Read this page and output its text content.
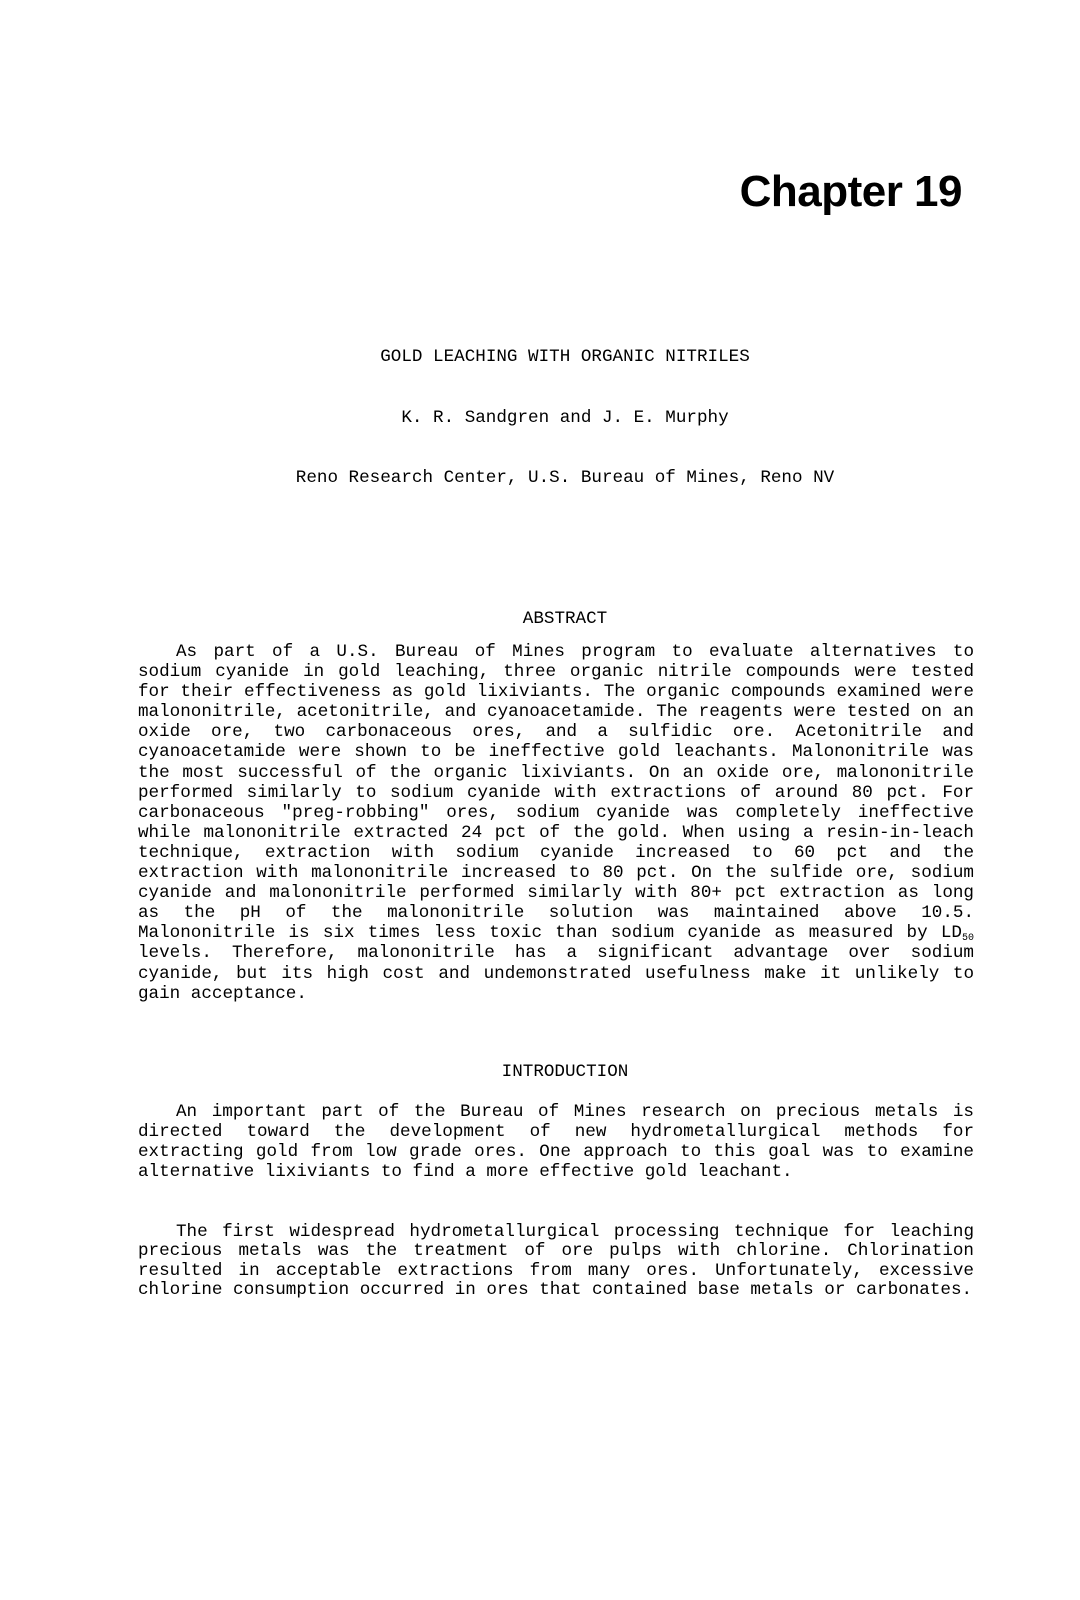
Chapter 19
GOLD LEACHING WITH ORGANIC NITRILES
K. R. Sandgren and J. E. Murphy
Reno Research Center, U.S. Bureau of Mines, Reno NV
ABSTRACT

As part of a U.S. Bureau of Mines program to evaluate alternatives to sodium cyanide in gold leaching, three organic nitrile compounds were tested for their effectiveness as gold lixiviants. The organic compounds examined were malononitrile, acetonitrile, and cyanoacetamide. The reagents were tested on an oxide ore, two carbonaceous ores, and a sulfidic ore. Acetonitrile and cyanoacetamide were shown to be ineffective gold leachants. Malononitrile was the most successful of the organic lixiviants. On an oxide ore, malononitrile performed similarly to sodium cyanide with extractions of around 80 pct. For carbonaceous "preg-robbing" ores, sodium cyanide was completely ineffective while malononitrile extracted 24 pct of the gold. When using a resin-in-leach technique, extraction with sodium cyanide increased to 60 pct and the extraction with malononitrile increased to 80 pct. On the sulfide ore, sodium cyanide and malononitrile performed similarly with 80+ pct extraction as long as the pH of the malononitrile solution was maintained above 10.5. Malononitrile is six times less toxic than sodium cyanide as measured by $LD_{50}$ levels. Therefore, malononitrile has a significant advantage over sodium cyanide, but its high cost and undemonstrated usefulness make it unlikely to gain acceptance.

INTRODUCTION

An important part of the Bureau of Mines research on precious metals is directed toward the development of new hydrometallurgical methods for extracting gold from low grade ores. One approach to this goal was to examine alternative lixiviants to find a more effective gold leachant.

The first widespread hydrometallurgical processing technique for leaching precious metals was the treatment of ore pulps with chlorine. Chlorination resulted in acceptable extractions from many ores. Unfortunately, excessive chlorine consumption occurred in ores that contained base metals or carbonates.
